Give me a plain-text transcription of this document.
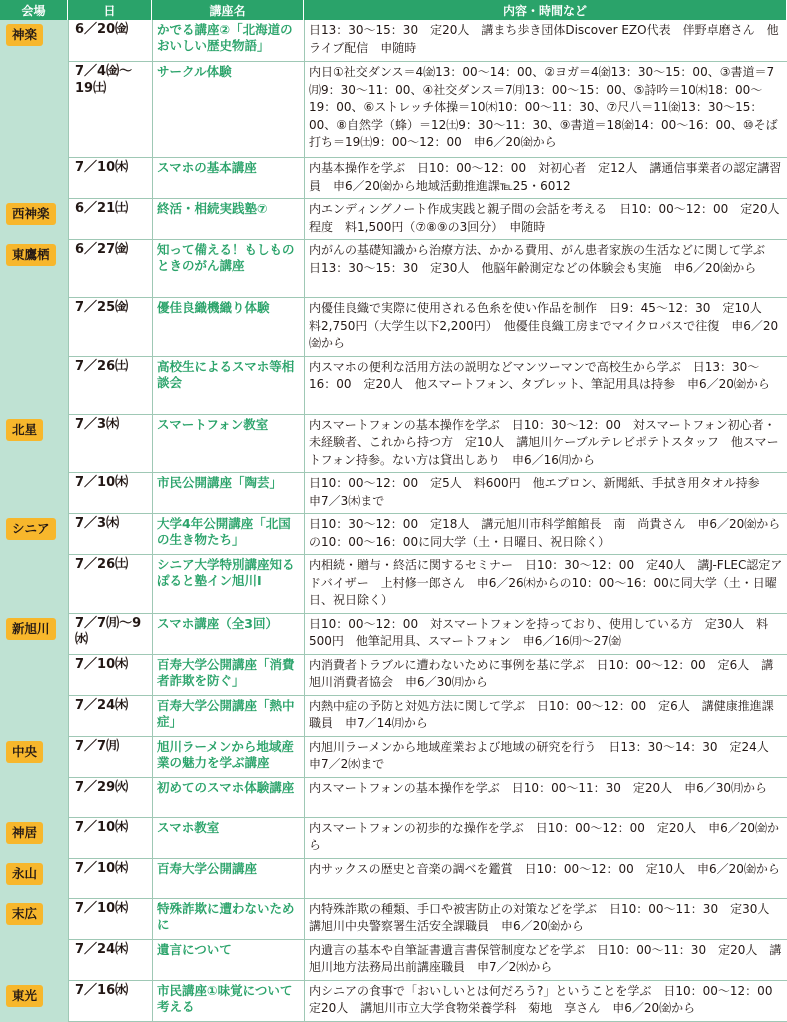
会場	日	講座名	内容・時間など
神楽	6／20㈮	かでる講座②「北海道のおいしい歴史物語」	日13：30～15：30　定20人　講まち歩き団体Discover EZO代表　伴野卓磨さん　他ライブ配信　申随時
	7／4㈮～19㈯	サークル体験	内日①社交ダンス＝4㈮13：00～14：00、②ヨガ＝4㈮13：30～15：00、③書道＝7㈪9：30～11：00、④社交ダンス＝7㈪13：00～15：00、⑤詩吟＝10㈭18：00～19：00、⑥ストレッチ体操＝10㈭10：00～11：30、⑦尺八＝11㈮13：30～15：00、⑧自然学（蜂）＝12㈯9：30～11：30、⑨書道＝18㈮14：00～16：00、⑩そば打ち＝19㈯9：00～12：00　申6／20㈮から
	7／10㈭	スマホの基本講座	内基本操作を学ぶ　日10：00～12：00　対初心者　定12人　講通信事業者の認定講習員　申6／20㈮から地域活動推進課℡25・6012
西神楽	6／21㈯	終活・相続実践塾⑦	内エンディングノート作成実践と親子間の会話を考える　日10：00～12：00　定20人程度　料1,500円（⑦⑧⑨の3回分）　申随時
東鷹栖	6／27㈮	知って備える！もしものときのがん講座	内がんの基礎知識から治療方法、かかる費用、がん患者家族の生活などに関して学ぶ　日13：30～15：30　定30人　他脳年齢測定などの体験会も実施　申6／20㈮から
	7／25㈮	優佳良織機織り体験	内優佳良織で実際に使用される色糸を使い作品を制作　日9：45～12：30　定10人　料2,750円（大学生以下2,200円）　他優佳良織工房までマイクロバスで往復　申6／20㈮から
	7／26㈯	高校生によるスマホ等相談会	内スマホの便利な活用方法の説明などマンツーマンで高校生から学ぶ　日13：30～16：00　定20人　他スマートフォン、タブレット、筆記用具は持参　申6／20㈮から
北星	7／3㈭	スマートフォン教室	内スマートフォンの基本操作を学ぶ　日10：30～12：00　対スマートフォン初心者・未経験者、これから持つ方　定10人　講旭川ケーブルテレビポテトスタッフ　他スマートフォン持参。ない方は貸出しあり　申6／16㈪から
	7／10㈭	市民公開講座「陶芸」	日10：00～12：00　定5人　料600円　他エプロン、新聞紙、手拭き用タオル持参　申7／3㈭まで
シニア	7／3㈭	大学4年公開講座「北国の生き物たち」	日10：30～12：00　定18人　講元旭川市科学館館長　南　尚貴さん　申6／20㈮からの10：00～16：00に同大学（土・日曜日、祝日除く）
	7／26㈯	シニア大学特別講座知るぽると塾イン旭川Ⅰ	内相続・贈与・終活に関するセミナー　日10：30～12：00　定40人　講J-FLEC認定アドバイザー　上村修一郎さん　申6／26㈭からの10：00～16：00に同大学（土・日曜日、祝日除く）
新旭川	7／7㈪～9㈬	スマホ講座（全3回）	日10：00～12：00　対スマートフォンを持っており、使用している方　定30人　料500円　他筆記用具、スマートフォン　申6／16㈪～27㈮
	7／10㈭	百寿大学公開講座「消費者詐欺を防ぐ」	内消費者トラブルに遭わないために事例を基に学ぶ　日10：00～12：00　定6人　講旭川消費者協会　申6／30㈪から
	7／24㈭	百寿大学公開講座「熱中症」	内熱中症の予防と対処方法に関して学ぶ　日10：00～12：00　定6人　講健康推進課職員　申7／14㈪から
中央	7／7㈪	旭川ラーメンから地域産業の魅力を学ぶ講座	内旭川ラーメンから地域産業および地域の研究を行う　日13：30～14：30　定24人　申7／2㈬まで
	7／29㈫	初めてのスマホ体験講座	内スマートフォンの基本操作を学ぶ　日10：00～11：30　定20人　申6／30㈪から
神居	7／10㈭	スマホ教室	内スマートフォンの初歩的な操作を学ぶ　日10：00～12：00　定20人　申6／20㈮から
永山	7／10㈭	百寿大学公開講座	内サックスの歴史と音楽の調べを鑑賞　日10：00～12：00　定10人　申6／20㈮から
末広	7／10㈭	特殊詐欺に遭わないために	内特殊詐欺の種類、手口や被害防止の対策などを学ぶ　日10：00～11：30　定30人　講旭川中央警察署生活安全課職員　申6／20㈮から
	7／24㈭	遺言について	内遺言の基本や自筆証書遺言書保管制度などを学ぶ　日10：00～11：30　定20人　講旭川地方法務局出前講座職員　申7／2㈬から
東光	7／16㈬	市民講座①味覚について考える	内シニアの食事で「おいしいとは何だろう?」ということを学ぶ　日10：00～12：00　定20人　講旭川市立大学食物栄養学科　菊地　享さん　申6／20㈮から
